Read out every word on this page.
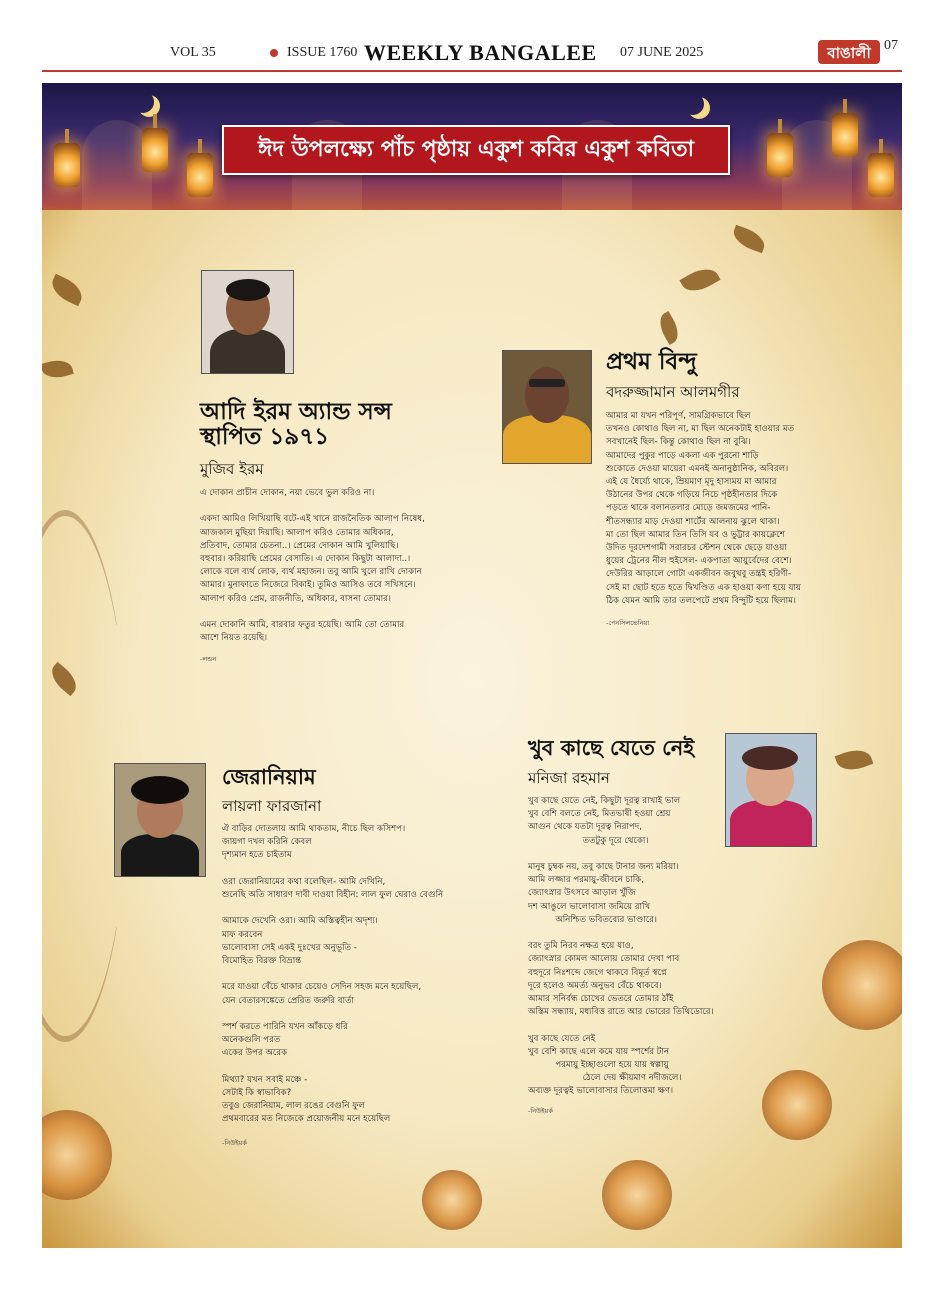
VOL 35	ISSUE 1760 WEEKLY BANGALEE 07 JUNE 2025	বাঙালী 07
ঈদ উপলক্ষ্যে পাঁচ পৃষ্ঠায় একুশ কবির একুশ কবিতা
আদি ইরম অ্যান্ড সন্স
স্থাপিত ১৯৭১
মুজিব ইরম
এ দোকান প্রাচীন দোকান, নয়া ভেবে ভুল করিও না।

একদা আমিও লিখিয়াছি বটে-এই খানে রাজনৈতিক আলাপ নিষেধ,
আজকাল মুছিয়া দিয়াছি। আলাপ করিও তোমার অধিকার,
প্রতিবাদ, তোমার চেতনা..। প্রেমের দোকান আমি খুলিয়াছি।
বহুবার। করিয়াছি প্রেমের বেসাতি। এ দোকান কিছুটা আলাদা..।
লোকে বলে ব্যর্থ লোক, ব্যর্থ মহাজন। তবু আমি খুলে রাখি দোকান
আমার। মুনাফাতে নিজেরে বিকাই। তুমিও আসিও তবে সখিসনে।
আলাপ করিও প্রেম, রাজনীতি, অধিকার, বাসনা তোমার।

এমন দোকানি আমি, বারবার ফতুর হয়েছি। আমি তো তোমার
আশে নিয়ত রয়েছি।
-লন্ডন
প্রথম বিন্দু
বদরুজ্জামান আলমগীর
আমার মা যখন পরিপূর্ণ, সামগ্রিকভাবে ছিল
তখনও কোথাও ছিল না, মা ছিল অনেকটাই হাওয়ার মত
সবখানেই ছিল- কিন্তু কোথাও ছিল না বুঝি।
আমাদের পুকুর পাড়ে একলা এক পুরনো শাড়ি
শুকোতে দেওয়া মায়েরা এমনই অনানুষ্ঠানিক, অবিরল।
এই যে ধৈর্য্যে থাকে, ম্রিয়মাণ মৃদু হাস্যময় মা আমার
উঠানের উপর থেকে গড়িয়ে নিচে পৃষ্ঠহীনতার দিকে
পড়তে থাকে বলানতলার মোড়ে জমজমের পানি-
শীতসন্ধ্যার মাড় দেওয়া শার্টের আলনায় ঝুলে থাকা।
মা তো ছিল আমার তিন তিসি যব ও ভুট্টার কায়ক্লেশে
উদিত দূরদেশগামী সরারচর স্টেশন থেকে ছেড়ে যাওয়া
ধুয়ের ট্রেনের নীল হুইসেল- একপাতা আয়ুর্বেদের বেশে।
দেউরির আড়ালে গোটা একজীবন জবুথবু তন্ত্রই হরিণী-
সেই মা ছোট হতে হতে দ্বিখণ্ডিত এক হাওয়া কণা হয়ে যায়
ঠিক যেমন আমি তার তলপেটে প্রথম বিন্দুটি হয়ে ছিলাম।
-পেনসিলভেনিয়া
খুব কাছে যেতে নেই
মনিজা রহমান
খুব কাছে যেতে নেই, কিছুটা দূরত্ব রাখাই ভাল
খুব বেশি বলতে নেই, মিতভাষী হওয়া শ্রেয়
আগুন থেকে যতটা দূরত্ব নিরাপদ,
ততটুকু দূরে থেকো।

মানুষ চুম্বক নয়, তবু কাছে টানার জন্য মরিয়া।
আমি লজ্জার পরমায়ু-জীবনে চাকি,
জ্যোৎস্নার উৎসবে আড়াল খুঁজি
দশ আঙুলে ভালোবাসা জমিয়ে রাখি
অনিশ্চিত ভবিতব্যের ভাণ্ডারে।

বরং তুমি নিরব নক্ষত্র হয়ে যাও,
জ্যোৎস্নার কোমল আলোয় তোমার দেখা পাব
বহুদূরে নিঃশব্দে জেগে থাকবে বিমূর্ত স্বপ্নে
দূরে হলেও অমর্ত্য অনুভব বেঁচে থাকবে।
আমার সনির্বন্ধ চোখের ভেতরে তোমার ঠাঁই
অস্তিম সন্ধ্যায়, মধ্যবিত্ত রাতে আর ভোরের তিথিডোরে।

খুব কাছে যেতে নেই
খুব বেশি কাছে এলে কমে যায় স্পর্শের টান
পরমায়ু ইচ্ছাগুলো হয়ে যায় স্বল্পায়ু
ঠেলে দেয় ক্ষীয়মাণ নদীজলে।
অব্যক্ত দূরত্বই ভালোবাসার তিলোত্তমা ক্ষণ।
-নিউইয়র্ক
জেরানিয়াম
লায়লা ফারজানা
ঐ বাড়ির দোতলায় আমি থাকতাম, নীচে ছিল কসিশপ।
জায়গা দখল করিনি কেবল
দৃশ্যমান হতে চাইতাম

ওরা জেরানিয়ামের কথা বলেছিল- আমি দেখিনি,
শুনেছি অতি সাধারণ দাবী দাওয়া বিহীন: লাল ফুল ঘেরাও বেগুনি

আমাকে দেখেনি ওরা। আমি অস্তিত্বহীন অদৃশ্য।
মাফ করবেন
ভালোবাসা সেই একই দুঃখের অনুভূতি -
বিমোহিত বিরক্ত বিভ্রান্ত

মরে যাওয়া বেঁচে থাকার চেয়েও সেদিন সহজ মনে হয়েছিল,
যেন বেতারসঙ্কেতে প্রেরিত জরুরি বার্তা

স্পর্শ করতে পারিনি যখন আঁকড়ে ধরি
অনেকগুলি পরত
একের উপর অরেক

মিথ্যা? যখন সবাই মঞ্চে -
সেটাই কি স্বাভাবিক?
তবুও জেরানিয়াম, লাল রঙের বেগুনি ফুল
প্রথমবারের মত নিজেকে প্রয়োজনীয় মনে হয়েছিল
-নিউইয়র্ক
